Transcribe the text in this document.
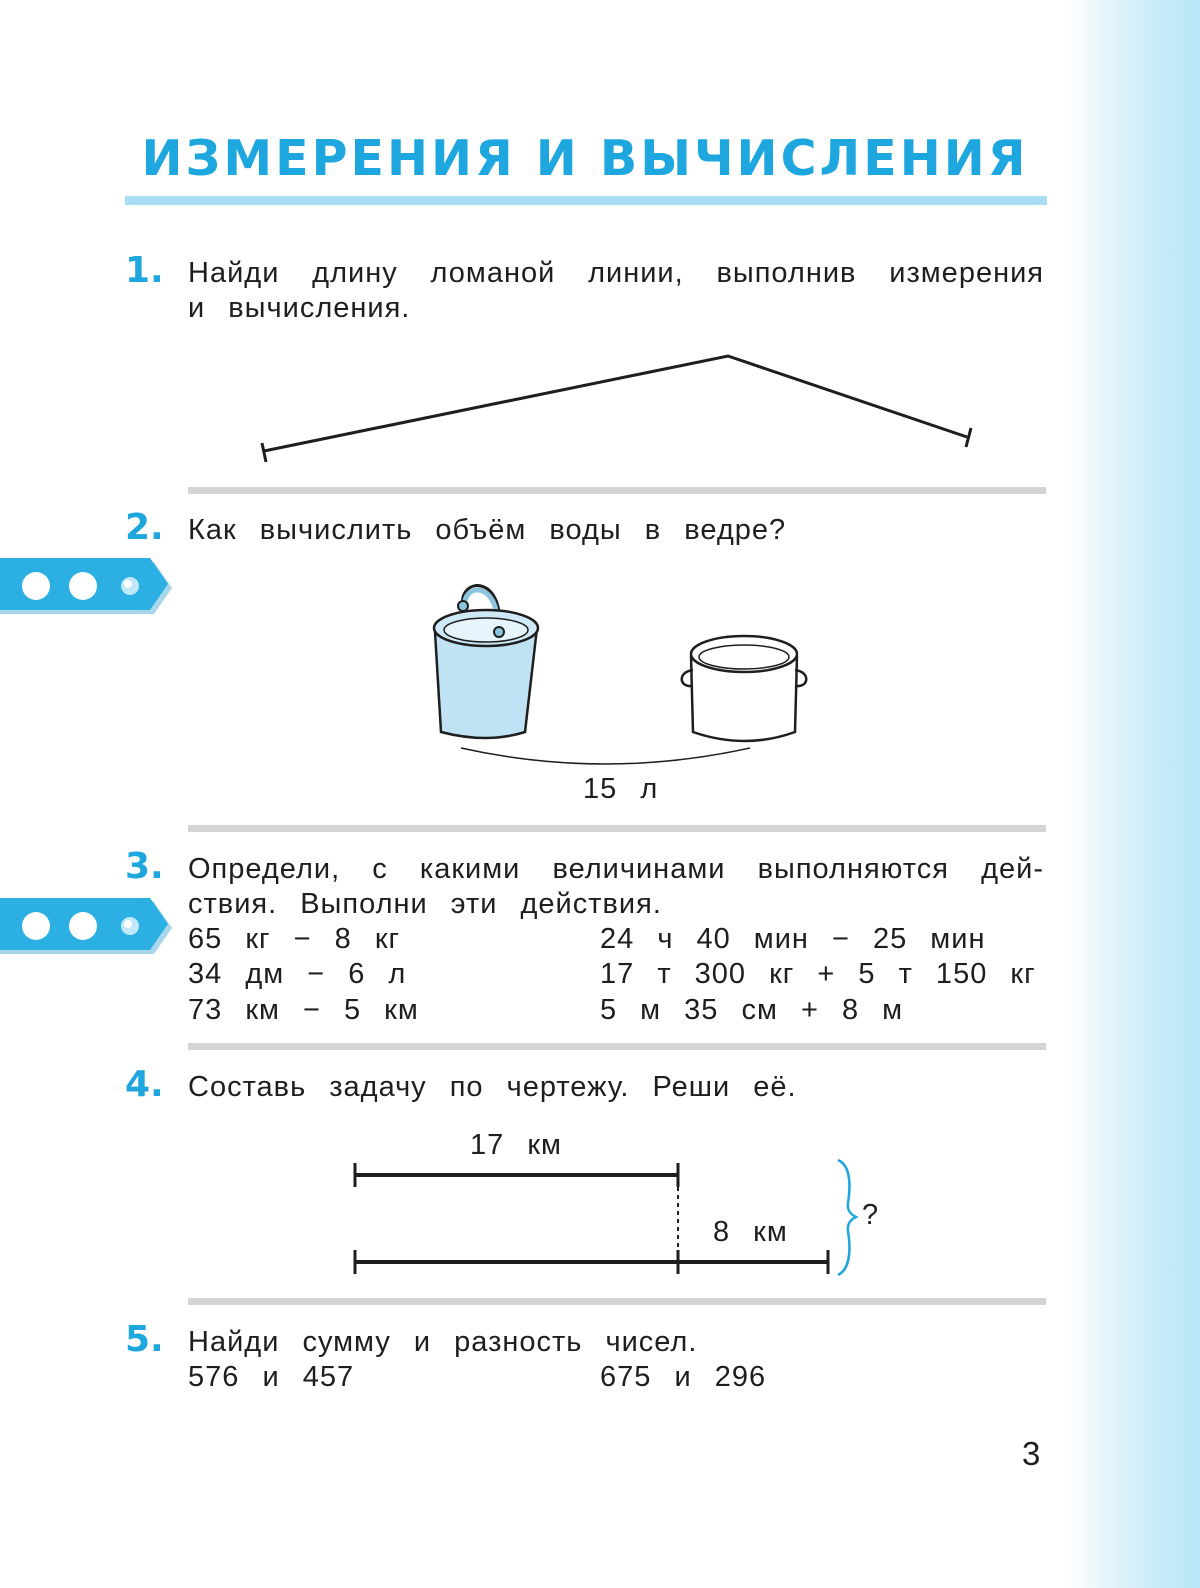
ИЗМЕРЕНИЯ И ВЫЧИСЛЕНИЯ
1. Найди длину ломаной линии, выполнив измерения
и вычисления.
2. Как вычислить объём воды в ведре?
15 л
3. Определи, с какими величинами выполняются дей-
ствия. Выполни эти действия.
65 кг − 8 кг
34 дм − 6 л
73 км − 5 км
24 ч 40 мин − 25 мин
17 т 300 кг + 5 т 150 кг
5 м 35 см + 8 м
4. Составь задачу по чертежу. Реши её.
17 км
8 км
?
5. Найди сумму и разность чисел.
576 и 457	675 и 296
3
